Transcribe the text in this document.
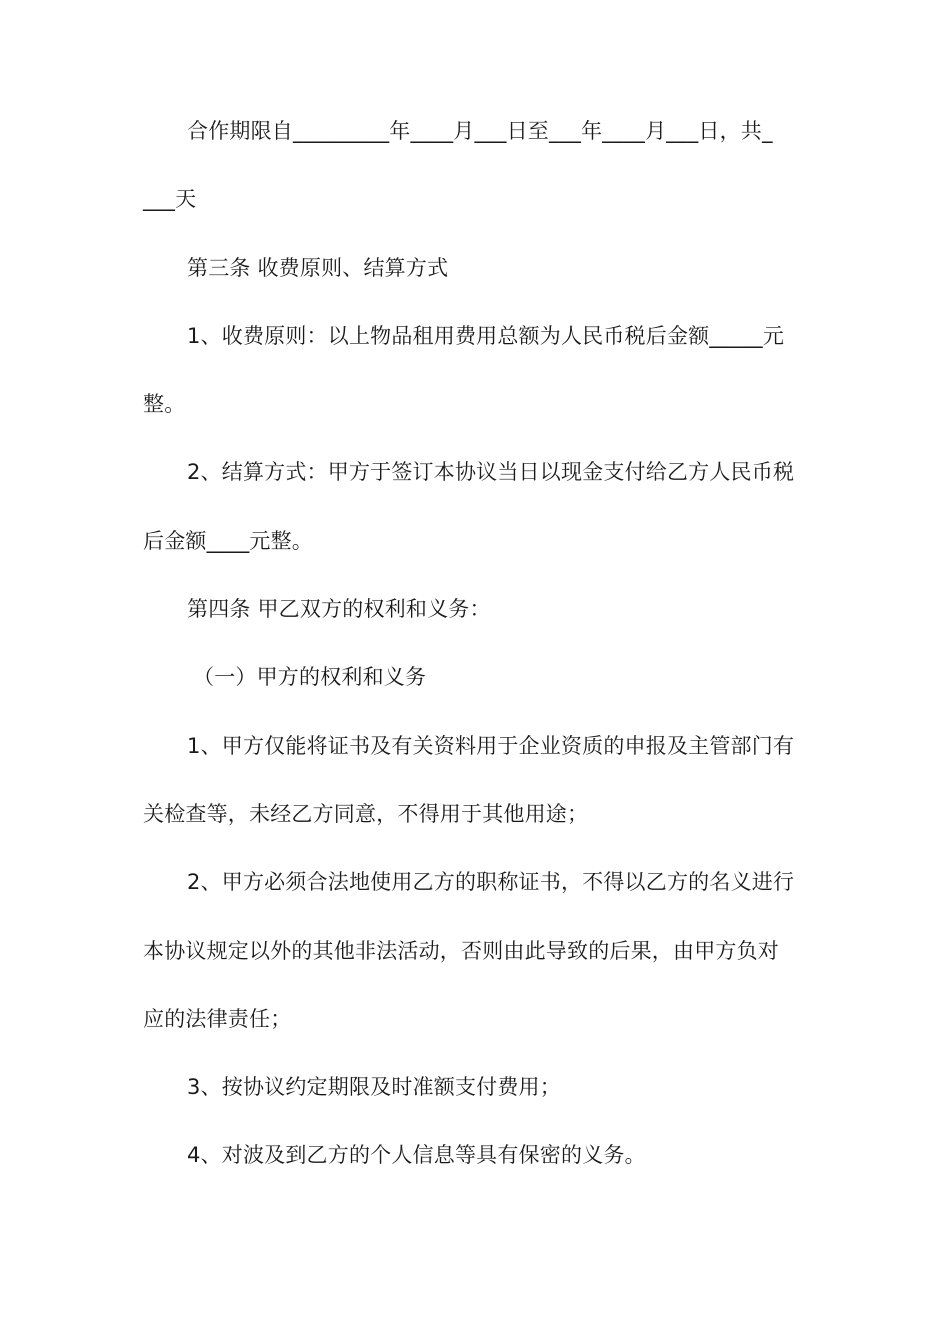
合作期限自_________年____月___日至___年____月___日，共_
___天
第三条 收费原则、结算方式
1、收费原则：以上物品租用费用总额为人民币税后金额_____元
整。
2、结算方式：甲方于签订本协议当日以现金支付给乙方人民币税
后金额____元整。
第四条 甲乙双方的权利和义务：
（一）甲方的权利和义务
1、甲方仅能将证书及有关资料用于企业资质的申报及主管部门有
关检查等，未经乙方同意，不得用于其他用途；
2、甲方必须合法地使用乙方的职称证书，不得以乙方的名义进行
本协议规定以外的其他非法活动，否则由此导致的后果，由甲方负对
应的法律责任；
3、按协议约定期限及时准额支付费用；
4、对波及到乙方的个人信息等具有保密的义务。
